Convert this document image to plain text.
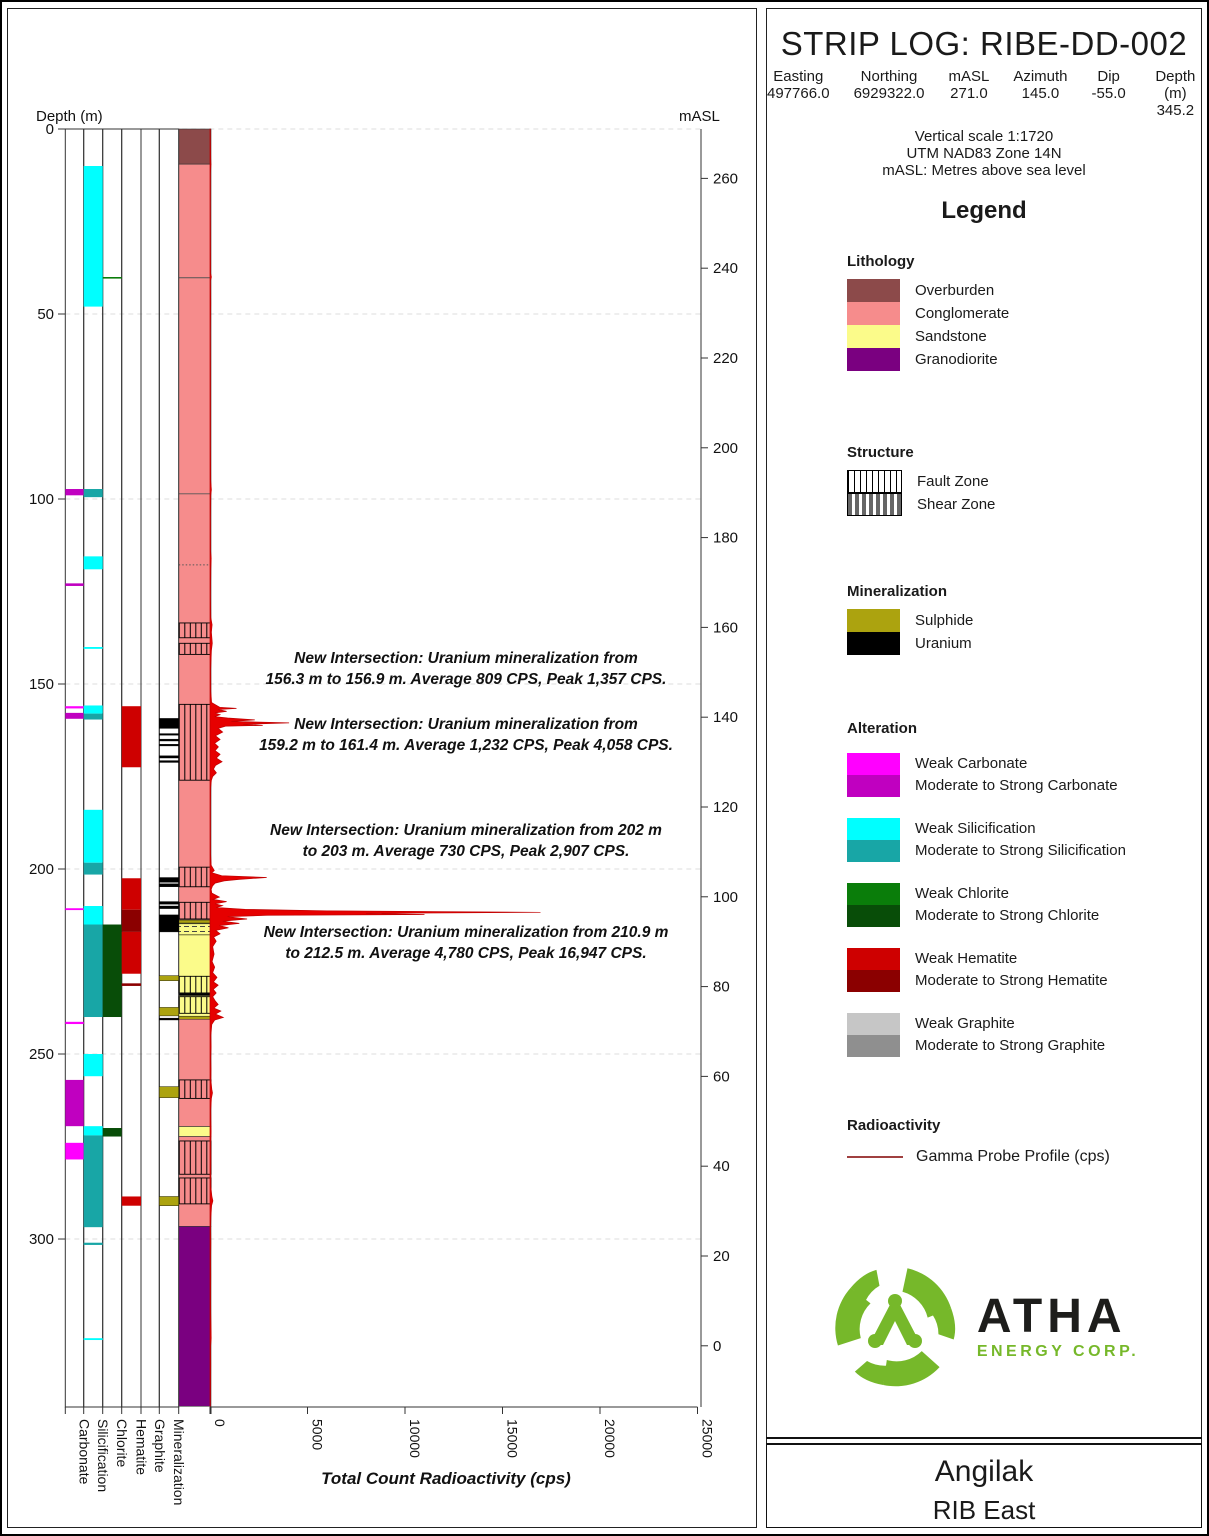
Depth (m)
0
50
100
150
200
250
300
mASL
260
240
220
200
180
160
140
120
100
80
60
40
20
0
0	5000	10000	15000	20000	25000
Total Count Radioactivity (cps)
Carbonate Silicification Chlorite Hematite Graphite Mineralization
New Intersection: Uranium mineralization from
156.3 m to 156.9 m. Average 809 CPS, Peak 1,357 CPS.
New Intersection: Uranium mineralization from
159.2 m to 161.4 m. Average 1,232 CPS, Peak 4,058 CPS.
New Intersection: Uranium mineralization from 202 m
to 203 m. Average 730 CPS, Peak 2,907 CPS.
New Intersection: Uranium mineralization from 210.9 m
to 212.5 m. Average 4,780 CPS, Peak 16,947 CPS.
STRIP LOG: RIBE-DD-002
Easting
497766.0
Northing
6929322.0
mASL
271.0
Azimuth
145.0
Dip
-55.0
Depth (m)
345.2
Vertical scale 1:1720
UTM NAD83 Zone 14N
mASL: Metres above sea level
Legend
Lithology
Overburden
Conglomerate
Sandstone
Granodiorite
Structure
Fault Zone
Shear Zone
Mineralization
Sulphide
Uranium
Alteration
Weak Carbonate
Moderate to Strong Carbonate
Weak Silicification
Moderate to Strong Silicification
Weak Chlorite
Moderate to Strong Chlorite
Weak Hematite
Moderate to Strong Hematite
Weak Graphite
Moderate to Strong Graphite
Radioactivity
Gamma Probe Profile (cps)
ATHA
ENERGY CORP.
Angilak
RIB East
